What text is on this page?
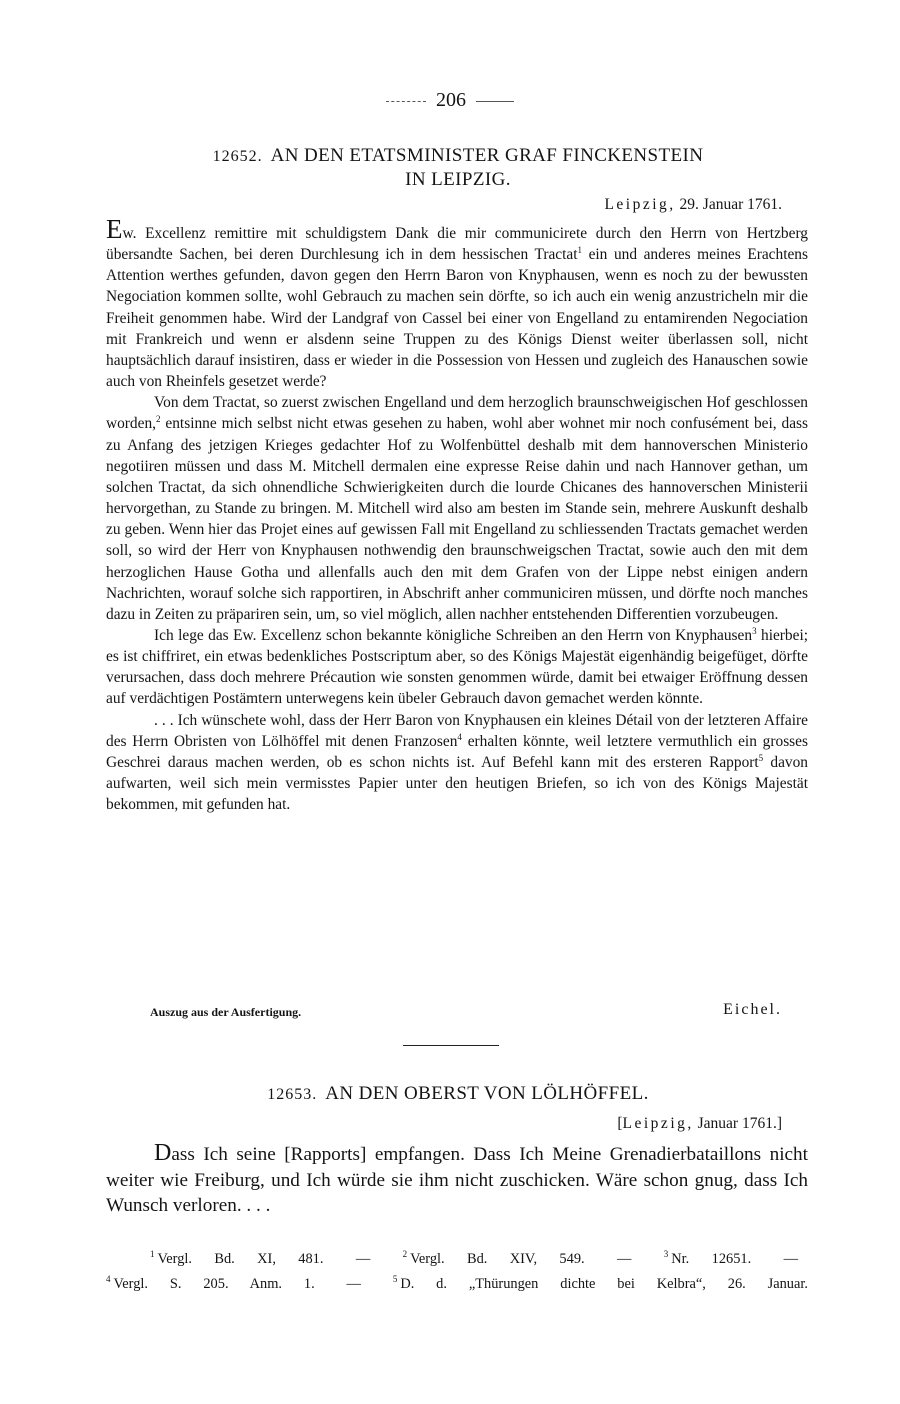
206
12652. AN DEN ETATSMINISTER GRAF FINCKENSTEIN
IN LEIPZIG.
Leipzig, 29. Januar 1761.

Ew. Excellenz remittire mit schuldigstem Dank die mir communicirete durch den Herrn von Hertzberg übersandte Sachen, bei deren Durchlesung ich in dem hessischen Tractat$^1$ ein und anderes meines Erachtens Attention werthes gefunden, davon gegen den Herrn Baron von Knyphausen, wenn es noch zu der bewussten Negociation kommen sollte, wohl Gebrauch zu machen sein dörfte, so ich auch ein wenig anzustricheln mir die Freiheit genommen habe. Wird der Landgraf von Cassel bei einer von Engelland zu entamirenden Negociation mit Frankreich und wenn er alsdenn seine Truppen zu des Königs Dienst weiter überlassen soll, nicht hauptsächlich darauf insistiren, dass er wieder in die Possession von Hessen und zugleich des Hanauschen sowie auch von Rheinfels gesetzet werde?

Von dem Tractat, so zuerst zwischen Engelland und dem herzoglich braunschweigischen Hof geschlossen worden,$^2$ entsinne mich selbst nicht etwas gesehen zu haben, wohl aber wohnet mir noch confusément bei, dass zu Anfang des jetzigen Krieges gedachter Hof zu Wolfenbüttel deshalb mit dem hannoverschen Ministerio negotiiren müssen und dass M. Mitchell dermalen eine expresse Reise dahin und nach Hannover gethan, um solchen Tractat, da sich ohnendliche Schwierigkeiten durch die lourde Chicanes des hannoverschen Ministerii hervorgethan, zu Stande zu bringen. M. Mitchell wird also am besten im Stande sein, mehrere Auskunft deshalb zu geben. Wenn hier das Projet eines auf gewissen Fall mit Engelland zu schliessenden Tractats gemachet werden soll, so wird der Herr von Knyphausen nothwendig den braunschweigschen Tractat, sowie auch den mit dem herzoglichen Hause Gotha und allenfalls auch den mit dem Grafen von der Lippe nebst einigen andern Nachrichten, worauf solche sich rapportiren, in Abschrift anher communiciren müssen, und dörfte noch manches dazu in Zeiten zu präpariren sein, um, so viel möglich, allen nachher entstehenden Differentien vorzubeugen.

Ich lege das Ew. Excellenz schon bekannte königliche Schreiben an den Herrn von Knyphausen$^3$ hierbei; es ist chiffriret, ein etwas bedenkliches Postscriptum aber, so des Königs Majestät eigenhändig beigefüget, dörfte verursachen, dass doch mehrere Précaution wie sonsten genommen würde, damit bei etwaiger Eröffnung dessen auf verdächtigen Postämtern unterwegens kein übeler Gebrauch davon gemachet werden könnte.

. . . Ich wünschete wohl, dass der Herr Baron von Knyphausen ein kleines Détail von der letzteren Affaire des Herrn Obristen von Lölhöffel mit denen Franzosen$^4$ erhalten könnte, weil letztere vermuthlich ein grosses Geschrei daraus machen werden, ob es schon nichts ist. Auf Befehl kann mit des ersteren Rapport$^5$ davon aufwarten, weil sich mein vermisstes Papier unter den heutigen Briefen, so ich von des Königs Majestät bekommen, mit gefunden hat.

Auszug aus der Ausfertigung.	Eichel.
12653. AN DEN OBERST VON LÖLHÖFFEL.
[Leipzig, Januar 1761.]

Dass Ich seine [Rapports] empfangen. Dass Ich Meine Grenadierbataillons nicht weiter wie Freiburg, und Ich würde sie ihm nicht zuschicken. Wäre schon gnug, dass Ich Wunsch verloren. . . .

$^1$ Vergl. Bd. XI, 481. —	$^2$ Vergl. Bd. XIV, 549. —	$^3$ Nr. 12651. —
$^4$ Vergl. S. 205. Anm. 1. —	$^5$ D. d. „Thürungen dichte bei Kelbra“, 26. Januar.
